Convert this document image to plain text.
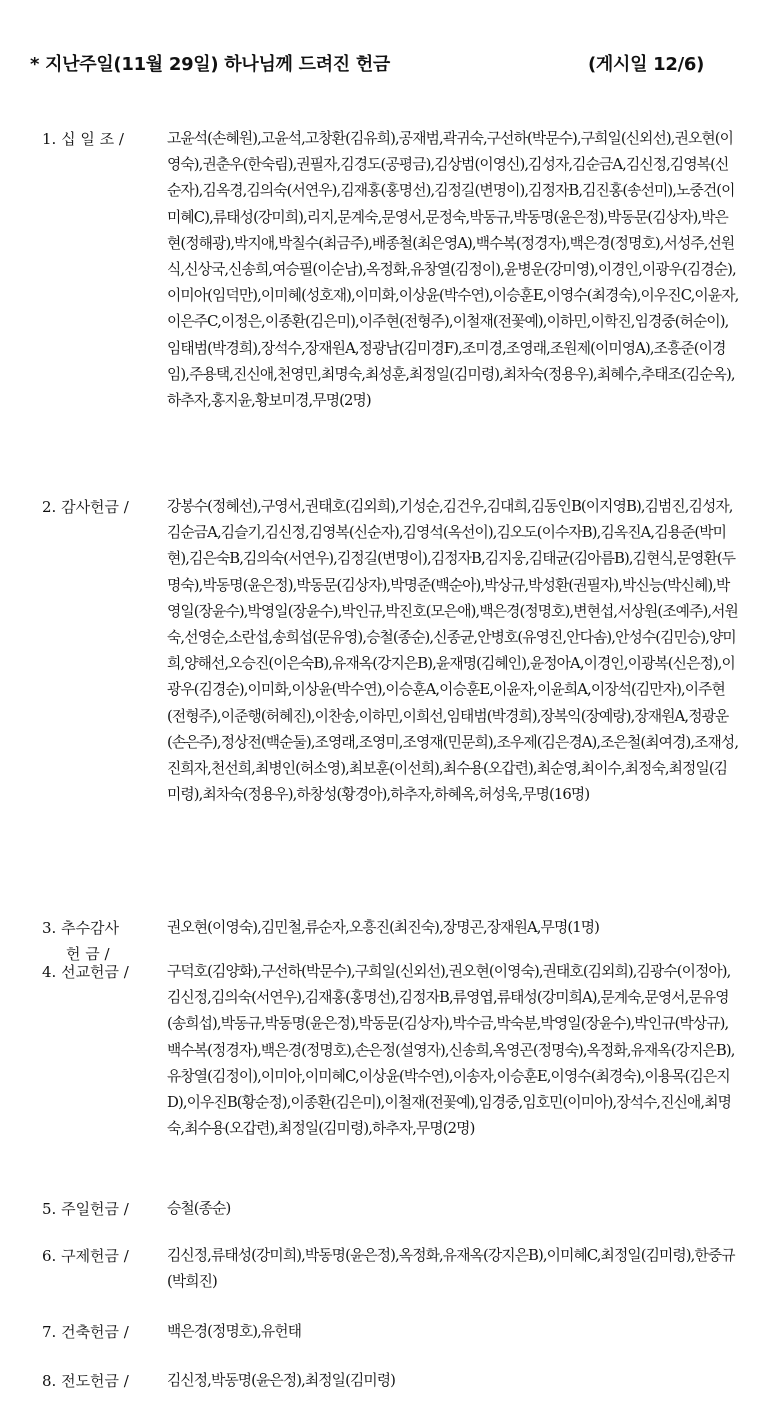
* 지난주일(11월 29일) 하나님께 드려진 헌금	(게시일 12/6)
1. 십 일 조 /	고윤석(손혜원),고윤석,고창환(김유희),공재범,곽귀숙,구선하(박문수),구희일(신외선),권오현(이영숙),권춘우(한숙림),권필자,김경도(공평금),김상범(이영신),김성자,김순금A,김신정,김영복(신순자),김옥경,김의숙(서연우),김재홍(홍명선),김정길(변명이),김정자B,김진홍(송선미),노중건(이미혜C),류태성(강미희),리지,문계숙,문영서,문정숙,박동규,박동명(윤은정),박동문(김상자),박은현(정해광),박지애,박칠수(최금주),배종철(최은영A),백수복(정경자),백은경(정명호),서성주,선원식,신상국,신송희,여승필(이순남),옥정화,유창열(김정이),윤병운(강미영),이경인,이광우(김경순),이미아(임덕만),이미혜(성호재),이미화,이상윤(박수연),이승훈E,이영수(최경숙),이우진C,이윤자,이은주C,이정은,이종환(김은미),이주현(전형주),이철재(전꽃예),이하민,이학진,임경중(허순이),임태범(박경희),장석수,장재원A,정광남(김미경F),조미경,조영래,조원제(이미영A),조흥준(이경임),주용택,진신애,천영민,최명숙,최성훈,최정일(김미령),최차숙(정용우),최혜수,추태조(김순옥),하추자,홍지윤,황보미경,무명(2명)
2. 감사헌금 /	강봉수(정혜선),구영서,권태호(김외희),기성순,김건우,김대희,김동인B(이지영B),김범진,김성자,김순금A,김슬기,김신정,김영복(신순자),김영석(옥선이),김오도(이수자B),김옥진A,김용준(박미현),김은숙B,김의숙(서연우),김정길(변명이),김정자B,김지웅,김태균(김아름B),김현식,문영환(두명숙),박동명(윤은정),박동문(김상자),박명준(백순아),박상규,박성환(권필자),박신능(박신혜),박영일(장윤수),박영일(장윤수),박인규,박진호(모은애),백은경(정명호),변현섭,서상원(조예주),서원숙,선영순,소란섭,송희섭(문유영),승철(종순),신종균,안병호(유영진,안다솜),안성수(김민승),양미희,양해선,오승진(이은숙B),유재옥(강지은B),윤재명(김혜인),윤정아A,이경인,이광복(신은정),이광우(김경순),이미화,이상윤(박수연),이승훈A,이승훈E,이윤자,이윤희A,이장석(김만자),이주현(전형주),이준행(허혜진),이찬송,이하민,이희선,임태범(박경희),장복익(장예랑),장재원A,정광운(손은주),정상전(백순둘),조영래,조영미,조영재(민문희),조우제(김은경A),조은철(최여경),조재성,진희자,천선희,최병인(허소영),최보훈(이선희),최수용(오갑련),최순영,최이수,최정숙,최정일(김미령),최차숙(정용우),하창성(황경아),하추자,하혜옥,허성욱,무명(16명)
3. 추수감사
헌 금 /
권오현(이영숙),김민철,류순자,오흥진(최진숙),장명곤,장재원A,무명(1명)
4. 선교헌금 /	구덕호(김양화),구선하(박문수),구희일(신외선),권오현(이영숙),권태호(김외희),김광수(이정아),김신정,김의숙(서연우),김재홍(홍명선),김정자B,류영엽,류태성(강미희A),문계숙,문영서,문유영(송희섭),박동규,박동명(윤은정),박동문(김상자),박수금,박숙분,박영일(장윤수),박인규(박상규),백수복(정경자),백은경(정명호),손은정(설영자),신송희,옥영곤(정명숙),옥정화,유재옥(강지은B),유창열(김정이),이미아,이미혜C,이상윤(박수연),이송자,이승훈E,이영수(최경숙),이용목(김은지D),이우진B(황순정),이종환(김은미),이철재(전꽃예),임경중,임호민(이미아),장석수,진신애,최명숙,최수용(오갑련),최정일(김미령),하추자,무명(2명)
5. 주일헌금 /	승철(종순)
6. 구제헌금 /	김신정,류태성(강미희),박동명(윤은정),옥정화,유재옥(강지은B),이미혜C,최정일(김미령),한중규(박희진)
7. 건축헌금 /	백은경(정명호),유헌태
8. 전도헌금 /	김신정,박동명(윤은정),최정일(김미령)
